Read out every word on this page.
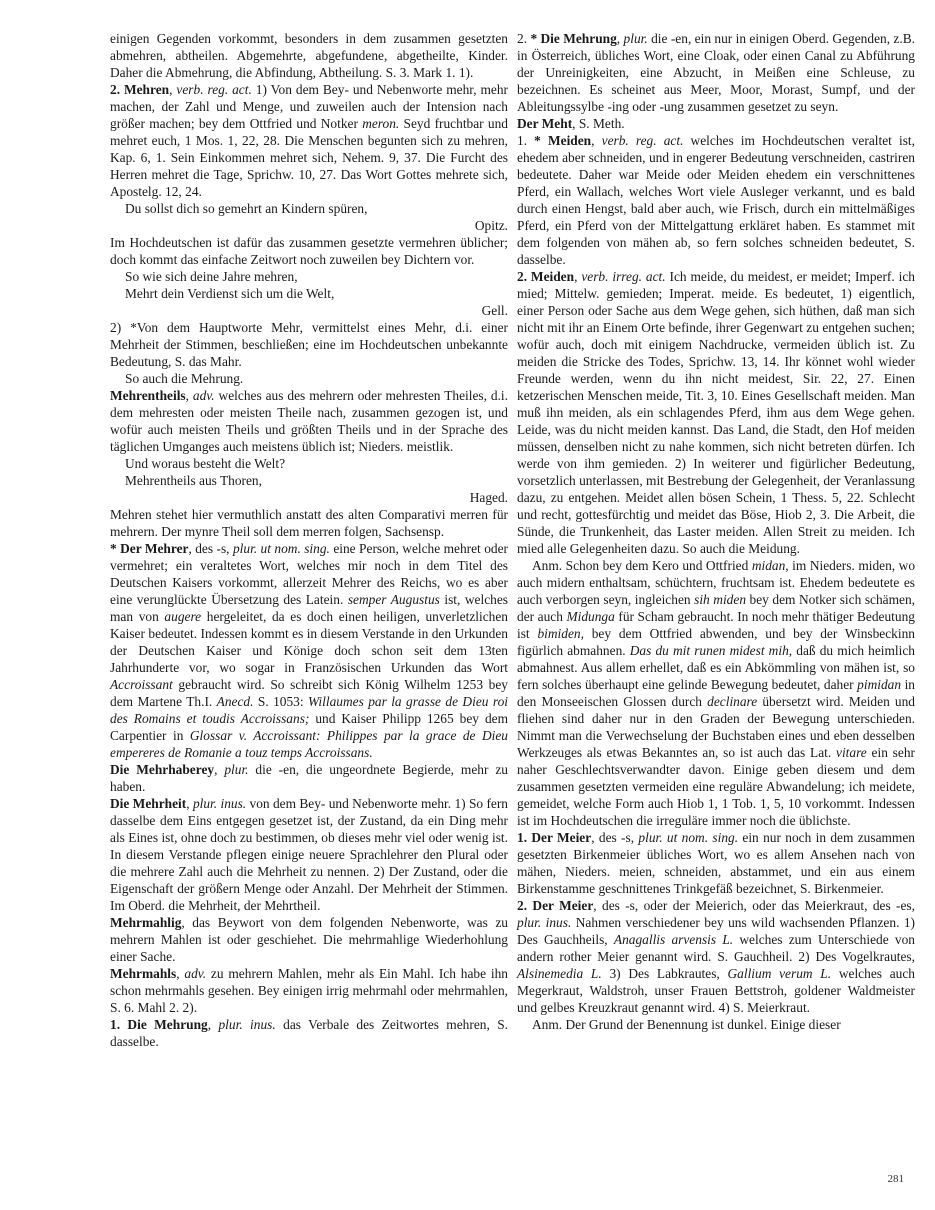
einigen Gegenden vorkommt, besonders in dem zusammen gesetzten abmehren, abtheilen. Abgemehrte, abgefundene, abgetheilte, Kinder. Daher die Abmehrung, die Abfindung, Abtheilung. S. 3. Mark 1. 1).

2. Mehren, verb. reg. act. 1) Von dem Bey- und Nebenworte mehr, mehr machen, der Zahl und Menge, und zuweilen auch der Intension nach größer machen; bey dem Ottfried und Notker meron. Seyd fruchtbar und mehret euch, 1 Mos. 1, 22, 28. Die Menschen begunten sich zu mehren, Kap. 6, 1. Sein Einkommen mehret sich, Nehem. 9, 37. Die Furcht des Herren mehret die Tage, Sprichw. 10, 27. Das Wort Gottes mehrete sich, Apostelg. 12, 24.

Du sollst dich so gemehrt an Kindern spüren,
Opitz.

Im Hochdeutschen ist dafür das zusammen gesetzte vermehren üblicher; doch kommt das einfache Zeitwort noch zuweilen bey Dichtern vor.

So wie sich deine Jahre mehren,
Mehrt dein Verdienst sich um die Welt,
Gell.

2) *Von dem Hauptworte Mehr, vermittelst eines Mehr, d.i. einer Mehrheit der Stimmen, beschließen; eine im Hochdeutschen unbekannte Bedeutung, S. das Mahr.

So auch die Mehrung.

Mehrentheils, adv. welches aus des mehrern oder mehresten Theiles, d.i. dem mehresten oder meisten Theile nach, zusammen gezogen ist, und wofür auch meisten Theils und größten Theils und in der Sprache des täglichen Umganges auch meistens üblich ist; Nieders. meistlik.

Und woraus besteht die Welt?
Mehrentheils aus Thoren,
Haged.

Mehren stehet hier vermuthlich anstatt des alten Comparativi merren für mehrern. Der mynre Theil soll dem merren folgen, Sachsensp.

* Der Mehrer, des -s, plur. ut nom. sing. eine Person, welche mehret oder vermehret; ein veraltetes Wort, welches mir noch in dem Titel des Deutschen Kaisers vorkommt, allerzeit Mehrer des Reichs, wo es aber eine verunglückte Übersetzung des Latein. semper Augustus ist, welches man von augere hergeleitet, da es doch einen heiligen, unverletzlichen Kaiser bedeutet. Indessen kommt es in diesem Verstande in den Urkunden der Deutschen Kaiser und Könige doch schon seit dem 13ten Jahrhunderte vor, wo sogar in Französischen Urkunden das Wort Accroissant gebraucht wird. So schreibt sich König Wilhelm 1253 bey dem Martene Th.I. Anecd. S. 1053: Willaumes par la grasse de Dieu roi des Romains et toudis Accroissans; und Kaiser Philipp 1265 bey dem Carpentier in Glossar v. Accroissant: Philippes par la grace de Dieu empereres de Romanie a touz temps Accroissans.

Die Mehrhaberey, plur. die -en, die ungeordnete Begierde, mehr zu haben.

Die Mehrheit, plur. inus. von dem Bey- und Nebenworte mehr. 1) So fern dasselbe dem Eins entgegen gesetzet ist, der Zustand, da ein Ding mehr als Eines ist, ohne doch zu bestimmen, ob dieses mehr viel oder wenig ist. In diesem Verstande pflegen einige neuere Sprachlehrer den Plural oder die mehrere Zahl auch die Mehrheit zu nennen. 2) Der Zustand, oder die Eigenschaft der größern Menge oder Anzahl. Der Mehrheit der Stimmen. Im Oberd. die Mehrheit, der Mehrtheil.

Mehrmahlig, das Beywort von dem folgenden Nebenworte, was zu mehrern Mahlen ist oder geschiehet. Die mehrmahlige Wiederhohlung einer Sache.

Mehrmahls, adv. zu mehrern Mahlen, mehr als Ein Mahl. Ich habe ihn schon mehrmahls gesehen. Bey einigen irrig mehrmahl oder mehrmahlen, S. 6. Mahl 2. 2).

1. Die Mehrung, plur. inus. das Verbale des Zeitwortes mehren, S. dasselbe.

2. * Die Mehrung, plur. die -en, ein nur in einigen Oberd. Gegenden, z.B. in Österreich, übliches Wort, eine Cloak, oder einen Canal zu Abführung der Unreinigkeiten, eine Abzucht, in Meißen eine Schleuse, zu bezeichnen. Es scheinet aus Meer, Moor, Morast, Sumpf, und der Ableitungssylbe -ing oder -ung zusammen gesetzet zu seyn.

Der Meht, S. Meth.

1. * Meiden, verb. reg. act. welches im Hochdeutschen veraltet ist, ehedem aber schneiden, und in engerer Bedeutung verschneiden, castriren bedeutete. Daher war Meide oder Meiden ehedem ein verschnittenes Pferd, ein Wallach, welches Wort viele Ausleger verkannt, und es bald durch einen Hengst, bald aber auch, wie Frisch, durch ein mittelmäßiges Pferd, ein Pferd von der Mittelgattung erkläret haben. Es stammet mit dem folgenden von mähen ab, so fern solches schneiden bedeutet, S. dasselbe.

2. Meiden, verb. irreg. act. Ich meide, du meidest, er meidet; Imperf. ich mied; Mittelw. gemieden; Imperat. meide. Es bedeutet, 1) eigentlich, einer Person oder Sache aus dem Wege gehen, sich hüthen, daß man sich nicht mit ihr an Einem Orte befinde, ihrer Gegenwart zu entgehen suchen; wofür auch, doch mit einigem Nachdrucke, vermeiden üblich ist. Zu meiden die Stricke des Todes, Sprichw. 13, 14. Ihr könnet wohl wieder Freunde werden, wenn du ihn nicht meidest, Sir. 22, 27. Einen ketzerischen Menschen meide, Tit. 3, 10. Eines Gesellschaft meiden. Man muß ihn meiden, als ein schlagendes Pferd, ihm aus dem Wege gehen. Leide, was du nicht meiden kannst. Das Land, die Stadt, den Hof meiden müssen, denselben nicht zu nahe kommen, sich nicht betreten dürfen. Ich werde von ihm gemieden. 2) In weiterer und figürlicher Bedeutung, vorsetzlich unterlassen, mit Bestrebung der Gelegenheit, der Veranlassung dazu, zu entgehen. Meidet allen bösen Schein, 1 Thess. 5, 22. Schlecht und recht, gottesfürchtig und meidet das Böse, Hiob 2, 3. Die Arbeit, die Sünde, die Trunkenheit, das Laster meiden. Allen Streit zu meiden. Ich mied alle Gelegenheiten dazu. So auch die Meidung.

Anm. Schon bey dem Kero und Ottfried midan, im Nieders. miden, wo auch midern enthaltsam, schüchtern, fruchtsam ist. Ehedem bedeutete es auch verborgen seyn, ingleichen sih miden bey dem Notker sich schämen, der auch Midunga für Scham gebraucht. In noch mehr thätiger Bedeutung ist bimiden, bey dem Ottfried abwenden, und bey der Winsbeckinn figürlich abmahnen. Das du mit runen midest mih, daß du mich heimlich abmahnest. Aus allem erhellet, daß es ein Abkömmling von mähen ist, so fern solches überhaupt eine gelinde Bewegung bedeutet, daher pimidan in den Monseeischen Glossen durch declinare übersetzt wird. Meiden und fliehen sind daher nur in den Graden der Bewegung unterschieden. Nimmt man die Verwechselung der Buchstaben eines und eben desselben Werkzeuges als etwas Bekanntes an, so ist auch das Lat. vitare ein sehr naher Geschlechtsverwandter davon. Einige geben diesem und dem zusammen gesetzten vermeiden eine reguläre Abwandelung; ich meidete, gemeidet, welche Form auch Hiob 1, 1 Tob. 1, 5, 10 vorkommt. Indessen ist im Hochdeutschen die irreguläre immer noch die üblichste.

1. Der Meier, des -s, plur. ut nom. sing. ein nur noch in dem zusammen gesetzten Birkenmeier übliches Wort, wo es allem Ansehen nach von mähen, Nieders. meien, schneiden, abstammet, und ein aus einem Birkenstamme geschnittenes Trinkgefäß bezeichnet, S. Birkenmeier.

2. Der Meier, des -s, oder der Meierich, oder das Meierkraut, des -es, plur. inus. Nahmen verschiedener bey uns wild wachsenden Pflanzen. 1) Des Gauchheils, Anagallis arvensis L. welches zum Unterschiede von andern rother Meier genannt wird. S. Gauchheil. 2) Des Vogelkrautes, Alsinemedia L. 3) Des Labkrautes, Gallium verum L. welches auch Megerkraut, Waldstroh, unser Frauen Bettstroh, goldener Waldmeister und gelbes Kreuzkraut genannt wird. 4) S. Meierkraut.

Anm. Der Grund der Benennung ist dunkel. Einige dieser

281
